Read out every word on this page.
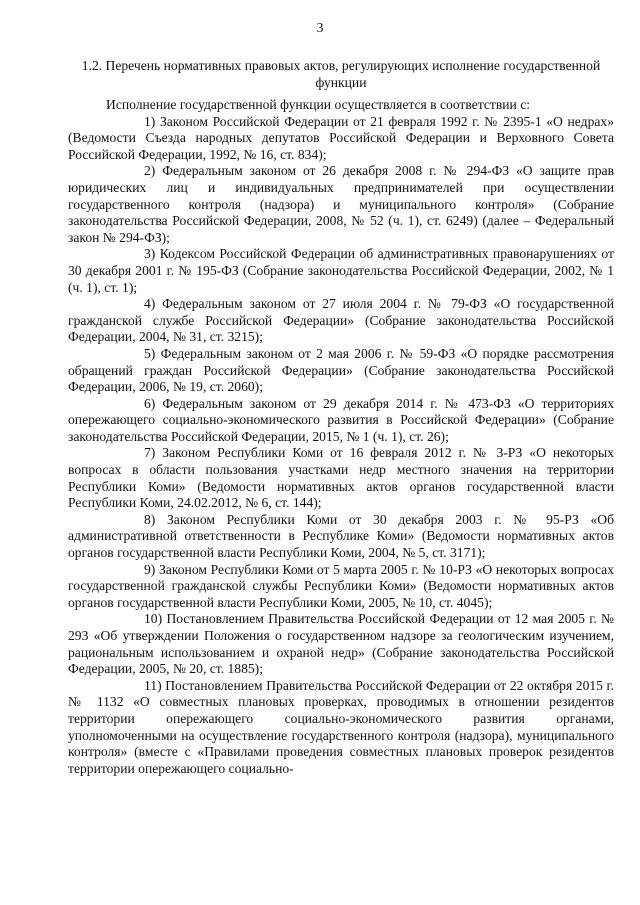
3
1.2. Перечень нормативных правовых актов, регулирующих исполнение государственной функции

Исполнение государственной функции осуществляется в соответствии с:

1) Законом Российской Федерации от 21 февраля 1992 г. № 2395-1 «О недрах» (Ведомости Съезда народных депутатов Российской Федерации и Верховного Совета Российской Федерации, 1992, № 16, ст. 834);

2) Федеральным законом от 26 декабря 2008 г. № 294-ФЗ «О защите прав юридических лиц и индивидуальных предпринимателей при осуществлении государственного контроля (надзора) и муниципального контроля» (Собрание законодательства Российской Федерации, 2008, № 52 (ч. 1), ст. 6249) (далее – Федеральный закон № 294-ФЗ);

3) Кодексом Российской Федерации об административных правонарушениях от 30 декабря 2001 г. № 195-ФЗ (Собрание законодательства Российской Федерации, 2002, № 1 (ч. 1), ст. 1);

4) Федеральным законом от 27 июля 2004 г. № 79-ФЗ «О государственной гражданской службе Российской Федерации» (Собрание законодательства Российской Федерации, 2004, № 31, ст. 3215);

5) Федеральным законом от 2 мая 2006 г. № 59-ФЗ «О порядке рассмотрения обращений граждан Российской Федерации» (Собрание законодательства Российской Федерации, 2006, № 19, ст. 2060);

6) Федеральным законом от 29 декабря 2014 г. № 473-ФЗ «О территориях опережающего социально-экономического развития в Российской Федерации» (Собрание законодательства Российской Федерации, 2015, № 1 (ч. 1), ст. 26);

7) Законом Республики Коми от 16 февраля 2012 г. № 3-РЗ «О некоторых вопросах в области пользования участками недр местного значения на территории Республики Коми» (Ведомости нормативных актов органов государственной власти Республики Коми, 24.02.2012, № 6, ст. 144);

8) Законом Республики Коми от 30 декабря 2003 г. № 95-РЗ «Об административной ответственности в Республике Коми» (Ведомости нормативных актов органов государственной власти Республики Коми, 2004, № 5, ст. 3171);

9) Законом Республики Коми от 5 марта 2005 г. № 10-РЗ «О некоторых вопросах государственной гражданской службы Республики Коми» (Ведомости нормативных актов органов государственной власти Республики Коми, 2005, № 10, ст. 4045);

10) Постановлением Правительства Российской Федерации от 12 мая 2005 г. № 293 «Об утверждении Положения о государственном надзоре за геологическим изучением, рациональным использованием и охраной недр» (Собрание законодательства Российской Федерации, 2005, № 20, ст. 1885);

11) Постановлением Правительства Российской Федерации от 22 октября 2015 г. № 1132 «О совместных плановых проверках, проводимых в отношении резидентов территории опережающего социально-экономического развития органами, уполномоченными на осуществление государственного контроля (надзора), муниципального контроля» (вместе с «Правилами проведения совместных плановых проверок резидентов территории опережающего социально-
